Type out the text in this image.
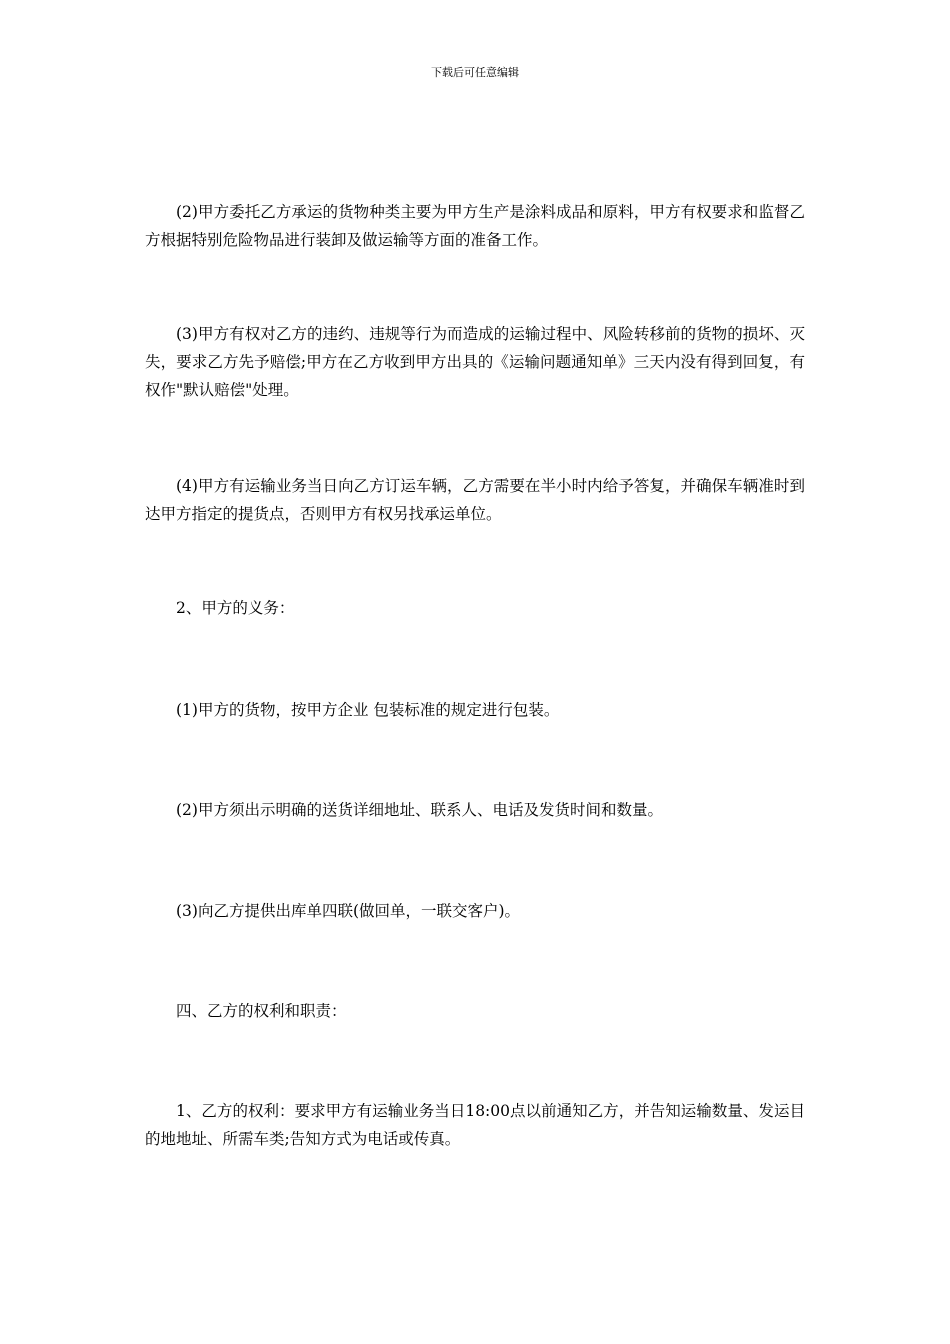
下载后可任意编辑

(2)甲方委托乙方承运的货物种类主要为甲方生产是涂料成品和原料，甲方有权要求和监督乙方根据特别危险物品进行装卸及做运输等方面的准备工作。

(3)甲方有权对乙方的违约、违规等行为而造成的运输过程中、风险转移前的货物的损坏、灭失，要求乙方先予赔偿;甲方在乙方收到甲方出具的《运输问题通知单》三天内没有得到回复，有权作"默认赔偿"处理。

(4)甲方有运输业务当日向乙方订运车辆，乙方需要在半小时内给予答复，并确保车辆准时到达甲方指定的提货点，否则甲方有权另找承运单位。

2、甲方的义务：

(1)甲方的货物，按甲方企业 包装标准的规定进行包装。

(2)甲方须出示明确的送货详细地址、联系人、电话及发货时间和数量。

(3)向乙方提供出库单四联(做回单，一联交客户)。

四、乙方的权利和职责：

1、乙方的权利：要求甲方有运输业务当日18:00点以前通知乙方，并告知运输数量、发运目的地地址、所需车类;告知方式为电话或传真。
